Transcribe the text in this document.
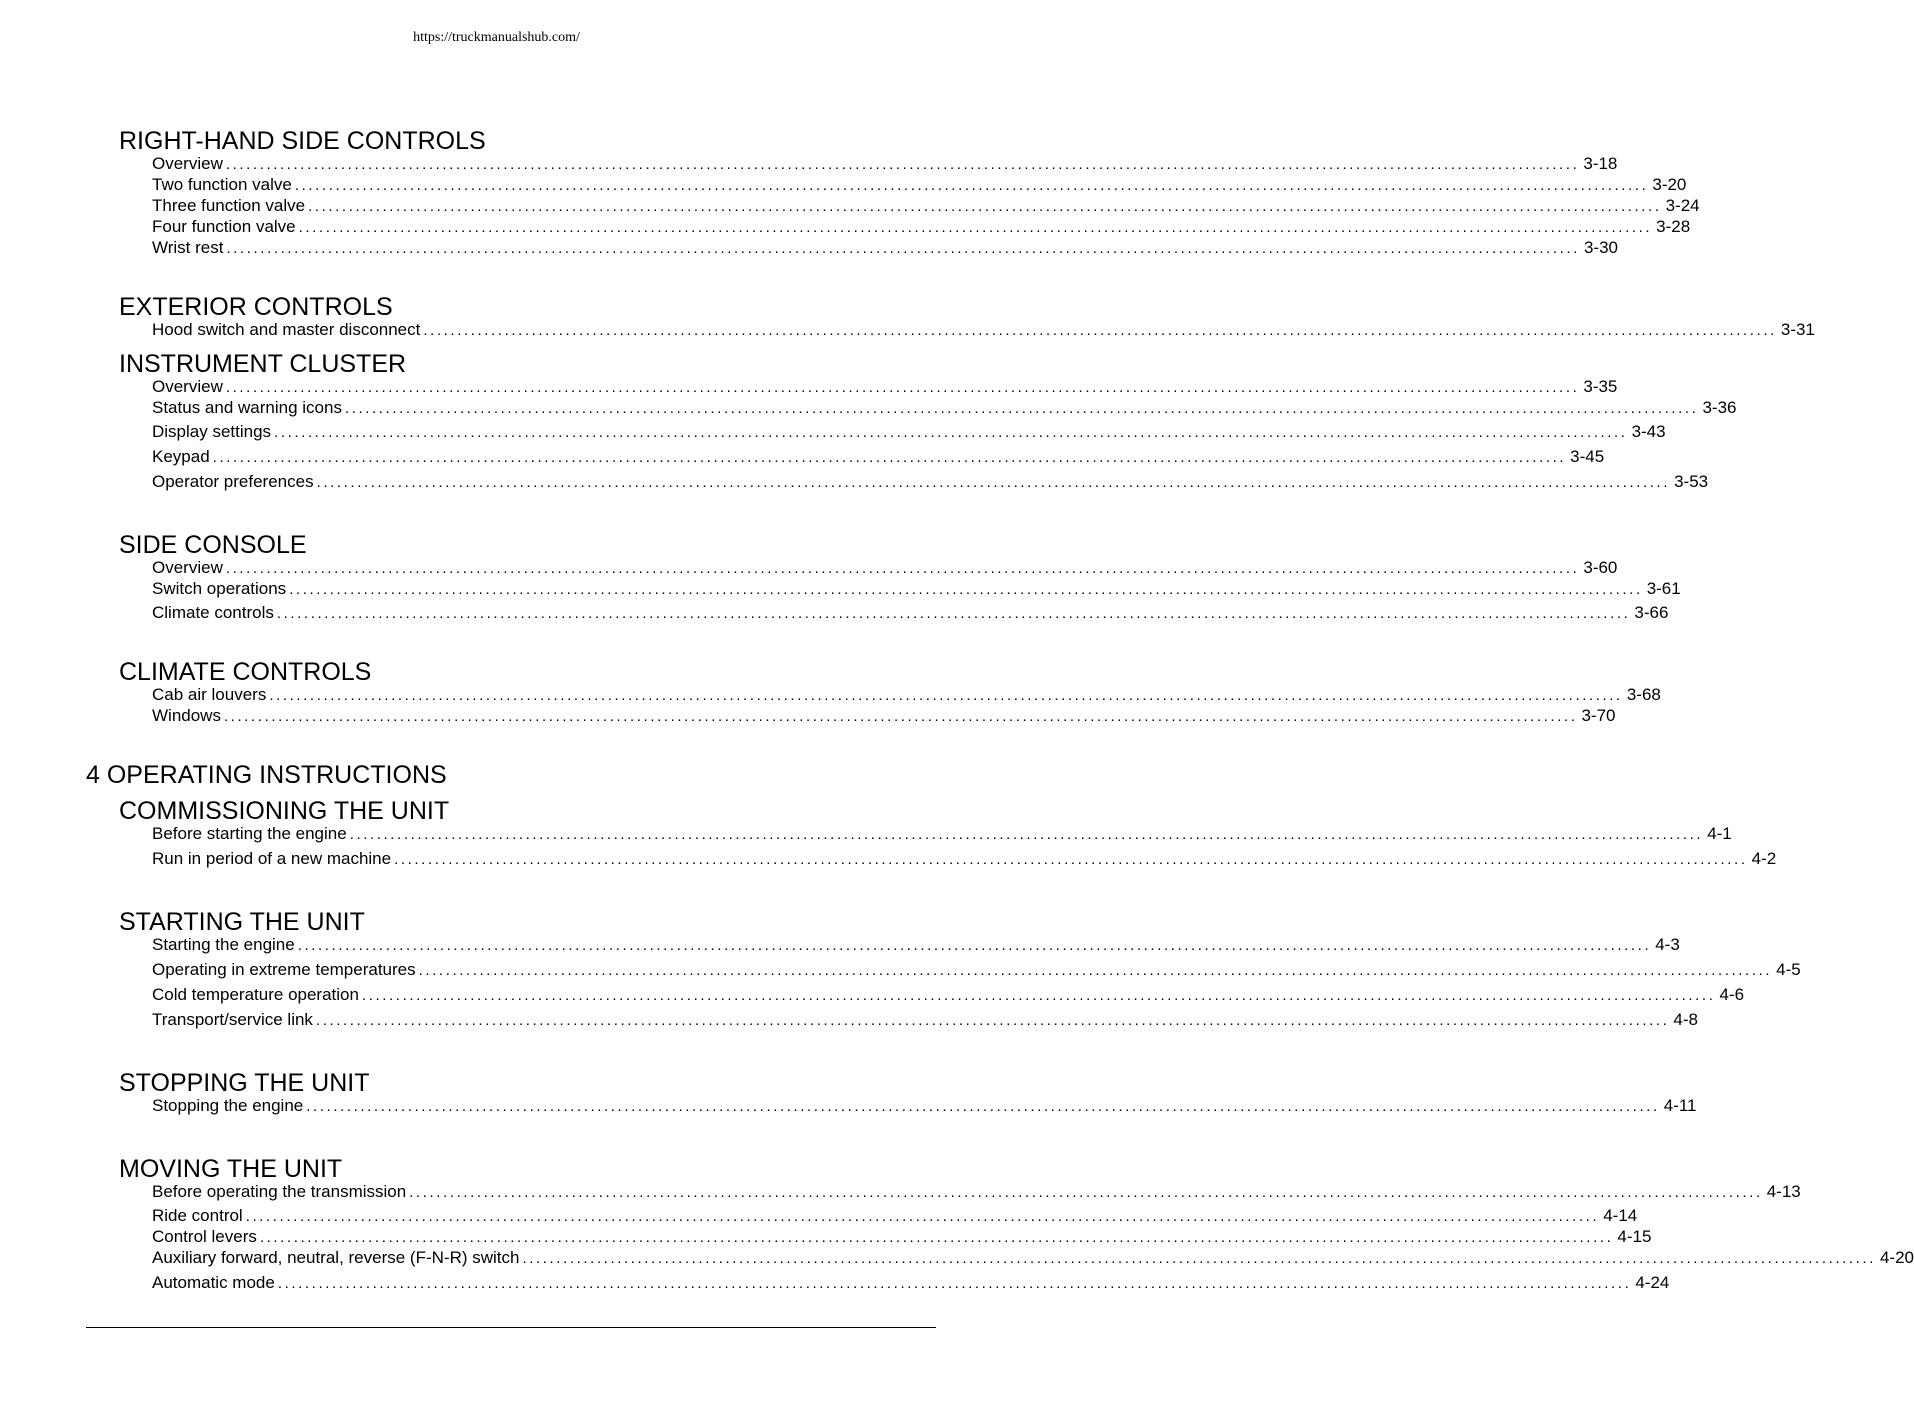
https://truckmanualshub.com/
RIGHT-HAND SIDE CONTROLS
Overview ........................................................................................................................................................................................................ 3-18
Two function valve ........................................................................................................................................................................................................ 3-20
Three function valve ........................................................................................................................................................................................................ 3-24
Four function valve ........................................................................................................................................................................................................ 3-28
Wrist rest ........................................................................................................................................................................................................ 3-30
EXTERIOR CONTROLS
Hood switch and master disconnect ........................................................................................................................................................................................................ 3-31
INSTRUMENT CLUSTER
Overview ........................................................................................................................................................................................................ 3-35
Status and warning icons ........................................................................................................................................................................................................ 3-36
Display settings ........................................................................................................................................................................................................ 3-43
Keypad ........................................................................................................................................................................................................ 3-45
Operator preferences ........................................................................................................................................................................................................ 3-53
SIDE CONSOLE
Overview ........................................................................................................................................................................................................ 3-60
Switch operations ........................................................................................................................................................................................................ 3-61
Climate controls ........................................................................................................................................................................................................ 3-66
CLIMATE CONTROLS
Cab air louvers ........................................................................................................................................................................................................ 3-68
Windows ........................................................................................................................................................................................................ 3-70
4 OPERATING INSTRUCTIONS
COMMISSIONING THE UNIT
Before starting the engine ........................................................................................................................................................................................................ 4-1
Run in period of a new machine ........................................................................................................................................................................................................ 4-2
STARTING THE UNIT
Starting the engine ........................................................................................................................................................................................................ 4-3
Operating in extreme temperatures ........................................................................................................................................................................................................ 4-5
Cold temperature operation ........................................................................................................................................................................................................ 4-6
Transport/service link ........................................................................................................................................................................................................ 4-8
STOPPING THE UNIT
Stopping the engine ........................................................................................................................................................................................................ 4-11
MOVING THE UNIT
Before operating the transmission ........................................................................................................................................................................................................ 4-13
Ride control ........................................................................................................................................................................................................ 4-14
Control levers ........................................................................................................................................................................................................ 4-15
Auxiliary forward, neutral, reverse (F-N-R) switch ........................................................................................................................................................................................................ 4-20
Automatic mode ........................................................................................................................................................................................................ 4-24
